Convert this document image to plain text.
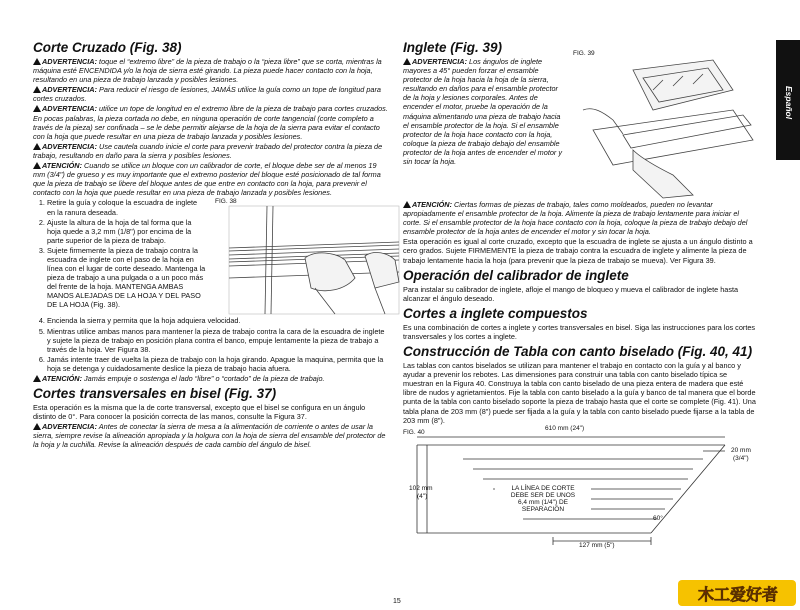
Español
Corte Cruzado (Fig. 38)
ADVERTENCIA: toque el “extremo libre” de la pieza de trabajo o la “pieza libre” que se corta, mientras la máquina esté ENCENDIDA y/o la hoja de sierra esté girando. La pieza puede hacer contacto con la hoja, resultando en una pieza de trabajo lanzada y posibles lesiones.
ADVERTENCIA: Para reducir el riesgo de lesiones, JAMÁS utilice la guía como un tope de longitud para cortes cruzados.
ADVERTENCIA: utilice un tope de longitud en el extremo libre de la pieza de trabajo para cortes cruzados. En pocas palabras, la pieza cortada no debe, en ninguna operación de corte tangencial (corte completo a través de la pieza) ser confinada – se le debe permitir alejarse de la hoja de la sierra para evitar el contacto con la hoja que puede resultar en una pieza de trabajo lanzada y posibles lesiones.
ADVERTENCIA: Use cautela cuando inicie el corte para prevenir trabado del protector contra la pieza de trabajo, resultando en daño para la sierra y posibles lesiones.
ATENCIÓN: Cuando se utilice un bloque con un calibrador de corte, el bloque debe ser de al menos 19 mm (3/4") de grueso y es muy importante que el extremo posterior del bloque esté posicionado de tal forma que la pieza de trabajo se libere del bloque antes de que entre en contacto con la hoja, para prevenir el contacto con la hoja que puede resultar en una pieza de trabajo lanzada y posibles lesiones.
1. Retire la guía y coloque la escuadra de inglete en la ranura deseada.
2. Ajuste la altura de la hoja de tal forma que la hoja quede a 3,2 mm (1/8") por encima de la parte superior de la pieza de trabajo.
3. Sujete firmemente la pieza de trabajo contra la escuadra de inglete con el paso de la hoja en línea con el lugar de corte deseado. Mantenga la pieza de trabajo a una pulgada o a un poco más del frente de la hoja. MANTENGA AMBAS MANOS ALEJADAS DE LA HOJA Y DEL PASO DE LA HOJA (Fig. 38).
FIG. 38
4. Encienda la sierra y permita que la hoja adquiera velocidad.
5. Mientras utilice ambas manos para mantener la pieza de trabajo contra la cara de la escuadra de inglete y sujete la pieza de trabajo en posición plana contra el banco, empuje lentamente la pieza de trabajo a través de la hoja. Ver Figura 38.
6. Jamás intente traer de vuelta la pieza de trabajo con la hoja girando. Apague la maquina, permita que la hoja se detenga y cuidadosamente deslice la pieza de trabajo hacia afuera.
ATENCIÓN: Jamás empuje o sostenga el lado “libre” o “cortado” de la pieza de trabajo.
Cortes transversales en bisel (Fig. 37)
Esta operación es la misma que la de corte transversal, excepto que el bisel se configura en un ángulo distinto de 0°. Para conocer la posición correcta de las manos, consulte la Figura 37.
ADVERTENCIA: Antes de conectar la sierra de mesa a la alimentación de corriente o antes de usar la sierra, siempre revise la alineación apropiada y la holgura con la hoja de sierra del ensamble del protector de la hoja y la cuchilla. Revise la alineación después de cada cambio del ángulo de bisel.
Inglete (Fig. 39)
ADVERTENCIA: Los ángulos de inglete mayores a 45° pueden forzar el ensamble protector de la hoja hacia la hoja de la sierra, resultando en daños para el ensamble protector de la hoja y lesiones corporales. Antes de encender el motor, pruebe la operación de la máquina alimentando una pieza de trabajo hacia el ensamble protector de la hoja. Si el ensamble protector de la hoja hace contacto con la hoja, coloque la pieza de trabajo debajo del ensamble protector de la hoja antes de encender el motor y sin tocar la hoja.
FIG. 39
ATENCIÓN: Ciertas formas de piezas de trabajo, tales como moldeados, pueden no levantar apropiadamente el ensamble protector de la hoja. Alimente la pieza de trabajo lentamente para iniciar el corte. Si el ensamble protector de la hoja hace contacto con la hoja, coloque la pieza de trabajo debajo del ensamble protector de la hoja antes de encender el motor y sin tocar la hoja.
Esta operación es igual al corte cruzado, excepto que la escuadra de inglete se ajusta a un ángulo distinto a cero grados. Sujete FIRMEMENTE la pieza de trabajo contra la escuadra de inglete y alimente la pieza de trabajo lentamente hacia la hoja (para prevenir que la pieza de trabajo se mueva). Ver Figura 39.
Operación del calibrador de inglete
Para instalar su calibrador de inglete, afloje el mango de bloqueo y mueva el calibrador de inglete hasta alcanzar el ángulo deseado.
Cortes a inglete compuestos
Es una combinación de cortes a inglete y cortes transversales en bisel. Siga las instrucciones para los cortes transversales y los cortes a inglete.
Construcción de Tabla con canto biselado (Fig. 40, 41)
Las tablas con cantos biselados se utilizan para mantener el trabajo en contacto con la guía y al banco y ayudar a prevenir los rebotes. Las dimensiones para construir una tabla con canto biselado típica se muestran en la Figura 40. Construya la tabla con canto biselado de una pieza entera de madera que esté libre de nudos y agrietamientos. Fije la tabla con canto biselado a la guía y banco de tal manera que el borde punta de la tabla con canto biselado soporte la pieza de trabajo hasta que el corte se complete (Fig. 41). Una tabla plana de 203 mm (8") puede ser fijada a la guía y la tabla con canto biselado puede fijarse a la tabla de 203 mm (8").
FIG. 40
610 mm (24")
20 mm
(3/4")
102 mm
(4")
LA LÍNEA DE CORTE
DEBE SER DE UNOS
6,4 mm (1/4") DE
SEPARACIÓN
60°
127 mm (5")
15	木工爱好者
